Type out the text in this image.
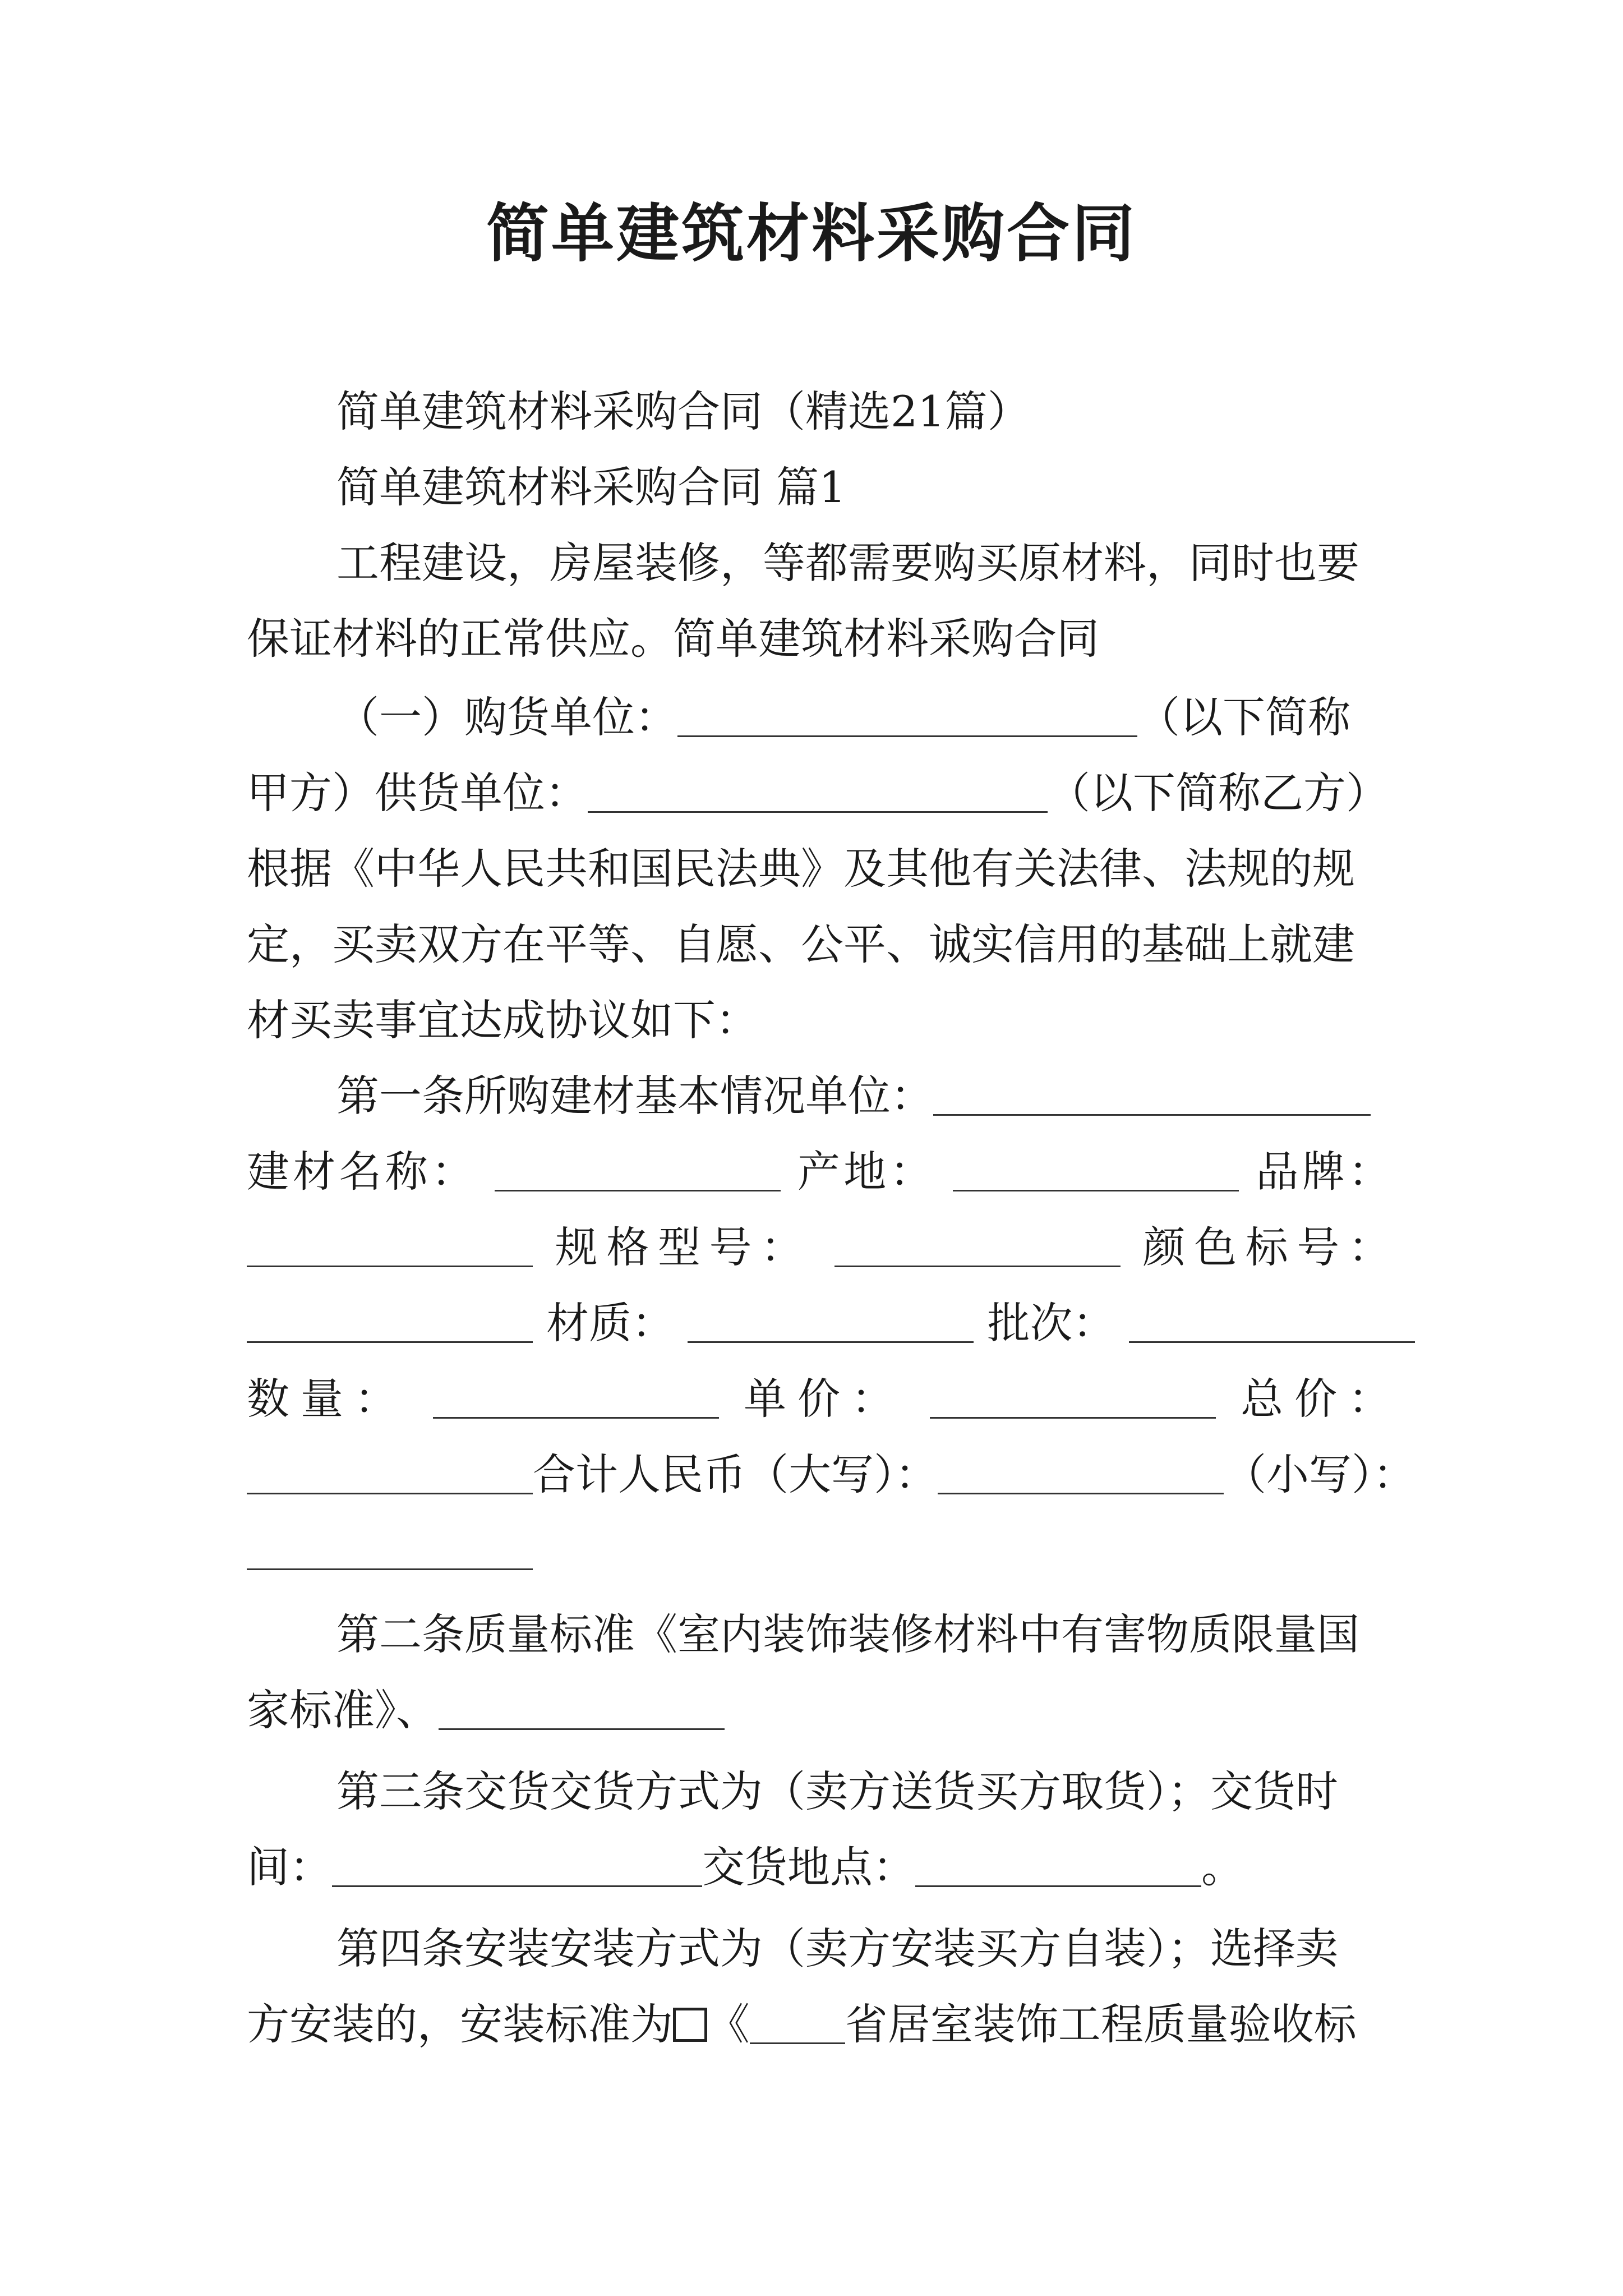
简单建筑材料采购合同
简单建筑材料采购合同（精选21篇）
简单建筑材料采购合同 篇1
工程建设，房屋装修，等都需要购买原材料，同时也要
保证材料的正常供应。简单建筑材料采购合同
（一）购货单位：	（以下简称
甲方）供货单位：	（以下简称乙方）
根据《中华人民共和国民法典》及其他有关法律、法规的规
定，买卖双方在平等、自愿、公平、诚实信用的基础上就建
材买卖事宜达成协议如下：
第一条所购建材基本情况单位：
建材名称：	产地：	品牌：
规格型号：	颜色标号：
材质：	批次：
数量：	单价：	总价：
合计人民币（大写）：	（小写）：
第二条质量标准《室内装饰装修材料中有害物质限量国
家标准》、
第三条交货交货方式为（卖方送货买方取货）；交货时
间：	交货地点：	。
第四条安装安装方式为（卖方安装买方自装）；选择卖
方安装的，安装标准为 《 省居室装饰工程质量验收标
